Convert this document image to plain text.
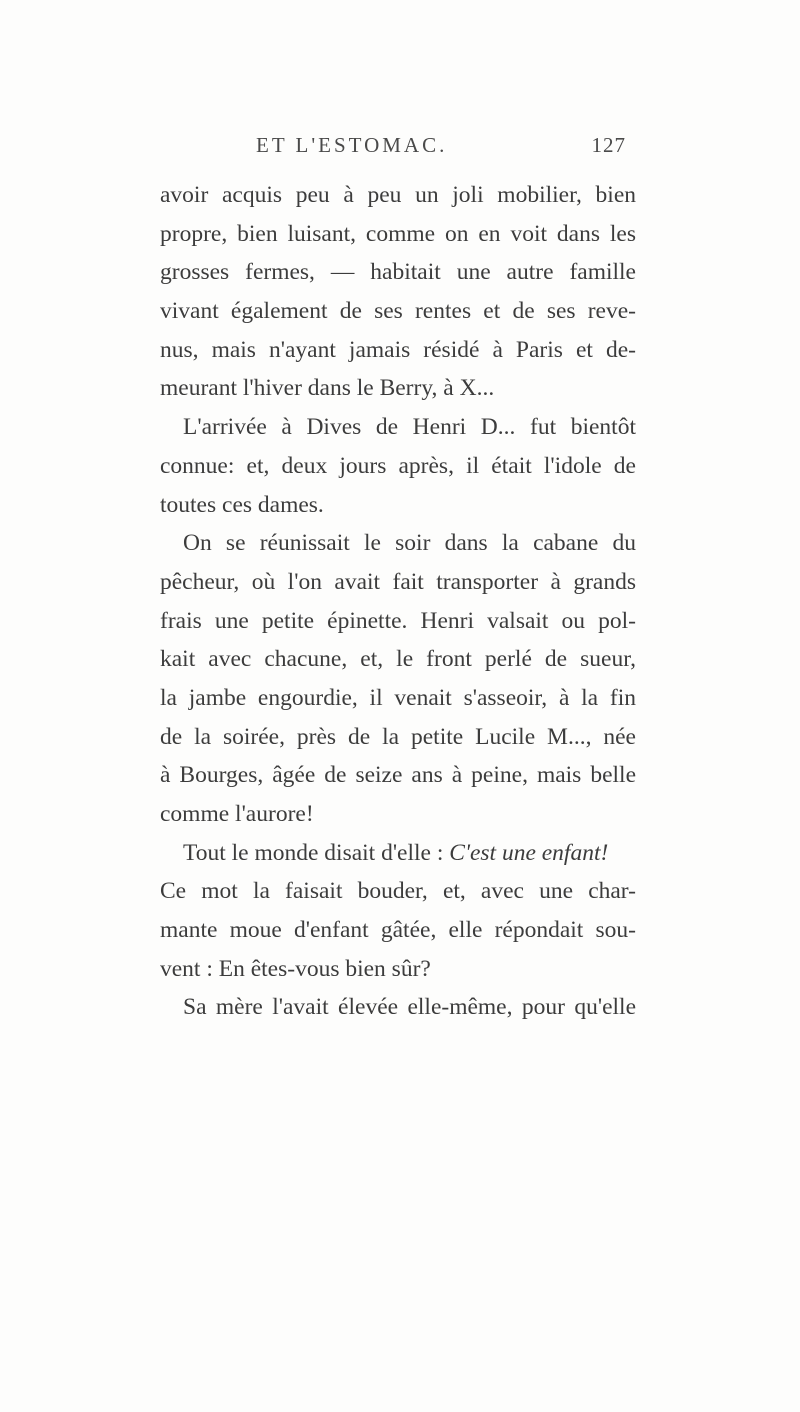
ET L'ESTOMAC.	127
avoir acquis peu à peu un joli mobilier, bien
propre, bien luisant, comme on en voit dans les
grosses fermes, — habitait une autre famille
vivant également de ses rentes et de ses reve-
nus, mais n'ayant jamais résidé à Paris et de-
meurant l'hiver dans le Berry, à X...
L'arrivée à Dives de Henri D... fut bientôt
connue: et, deux jours après, il était l'idole de
toutes ces dames.
On se réunissait le soir dans la cabane du
pêcheur, où l'on avait fait transporter à grands
frais une petite épinette. Henri valsait ou pol-
kait avec chacune, et, le front perlé de sueur,
la jambe engourdie, il venait s'asseoir, à la fin
de la soirée, près de la petite Lucile M..., née
à Bourges, âgée de seize ans à peine, mais belle
comme l'aurore!
Tout le monde disait d'elle : C'est une enfant!
Ce mot la faisait bouder, et, avec une char-
mante moue d'enfant gâtée, elle répondait sou-
vent : En êtes-vous bien sûr?
Sa mère l'avait élevée elle-même, pour qu'elle
